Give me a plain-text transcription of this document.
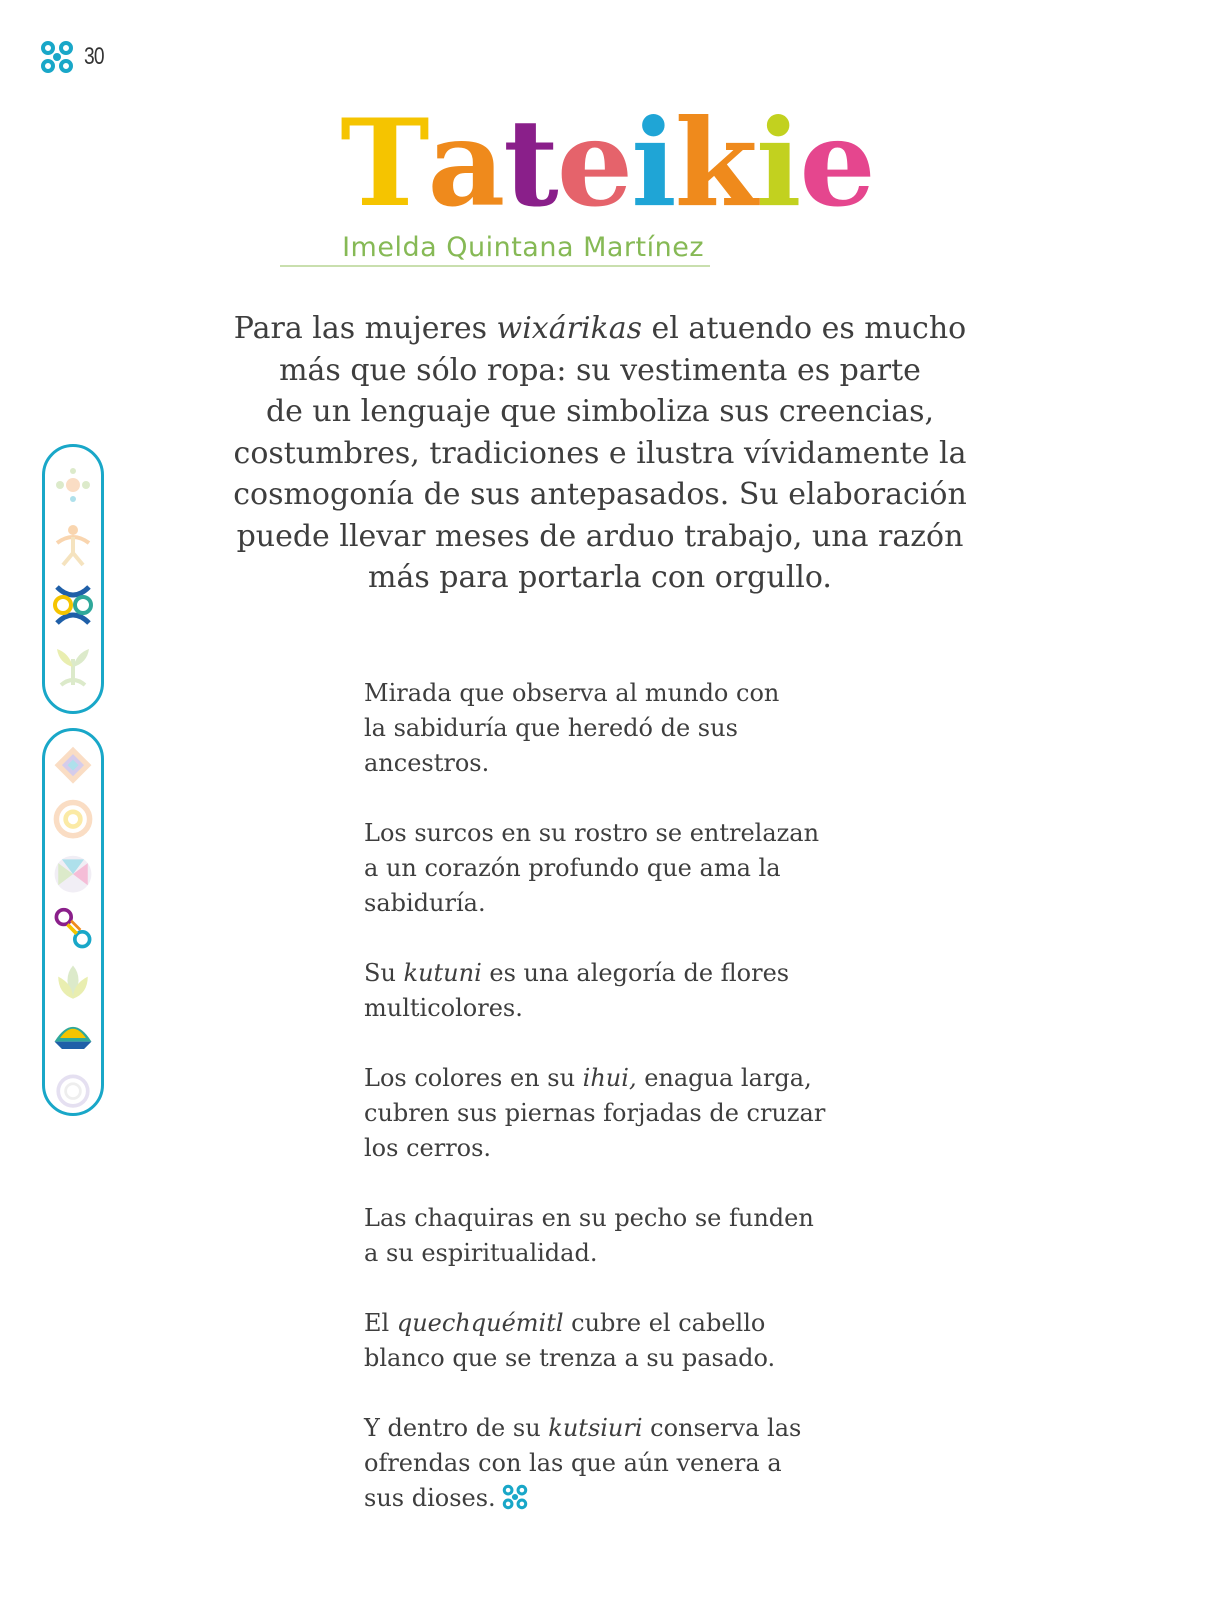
30
Tateikie
Imelda Quintana Martínez

Para las mujeres wixárikas el atuendo es mucho
más que sólo ropa: su vestimenta es parte
de un lenguaje que simboliza sus creencias,
costumbres, tradiciones e ilustra vívidamente la
cosmogonía de sus antepasados. Su elaboración
puede llevar meses de arduo trabajo, una razón
más para portarla con orgullo.

Mirada que observa al mundo con
la sabiduría que heredó de sus
ancestros.

Los surcos en su rostro se entrelazan
a un corazón profundo que ama la
sabiduría.

Su kutuni es una alegoría de flores
multicolores.

Los colores en su ihui, enagua larga,
cubren sus piernas forjadas de cruzar
los cerros.

Las chaquiras en su pecho se funden
a su espiritualidad.

El quechquémitl cubre el cabello
blanco que se trenza a su pasado.

Y dentro de su kutsiuri conserva las
ofrendas con las que aún venera a
sus dioses.
